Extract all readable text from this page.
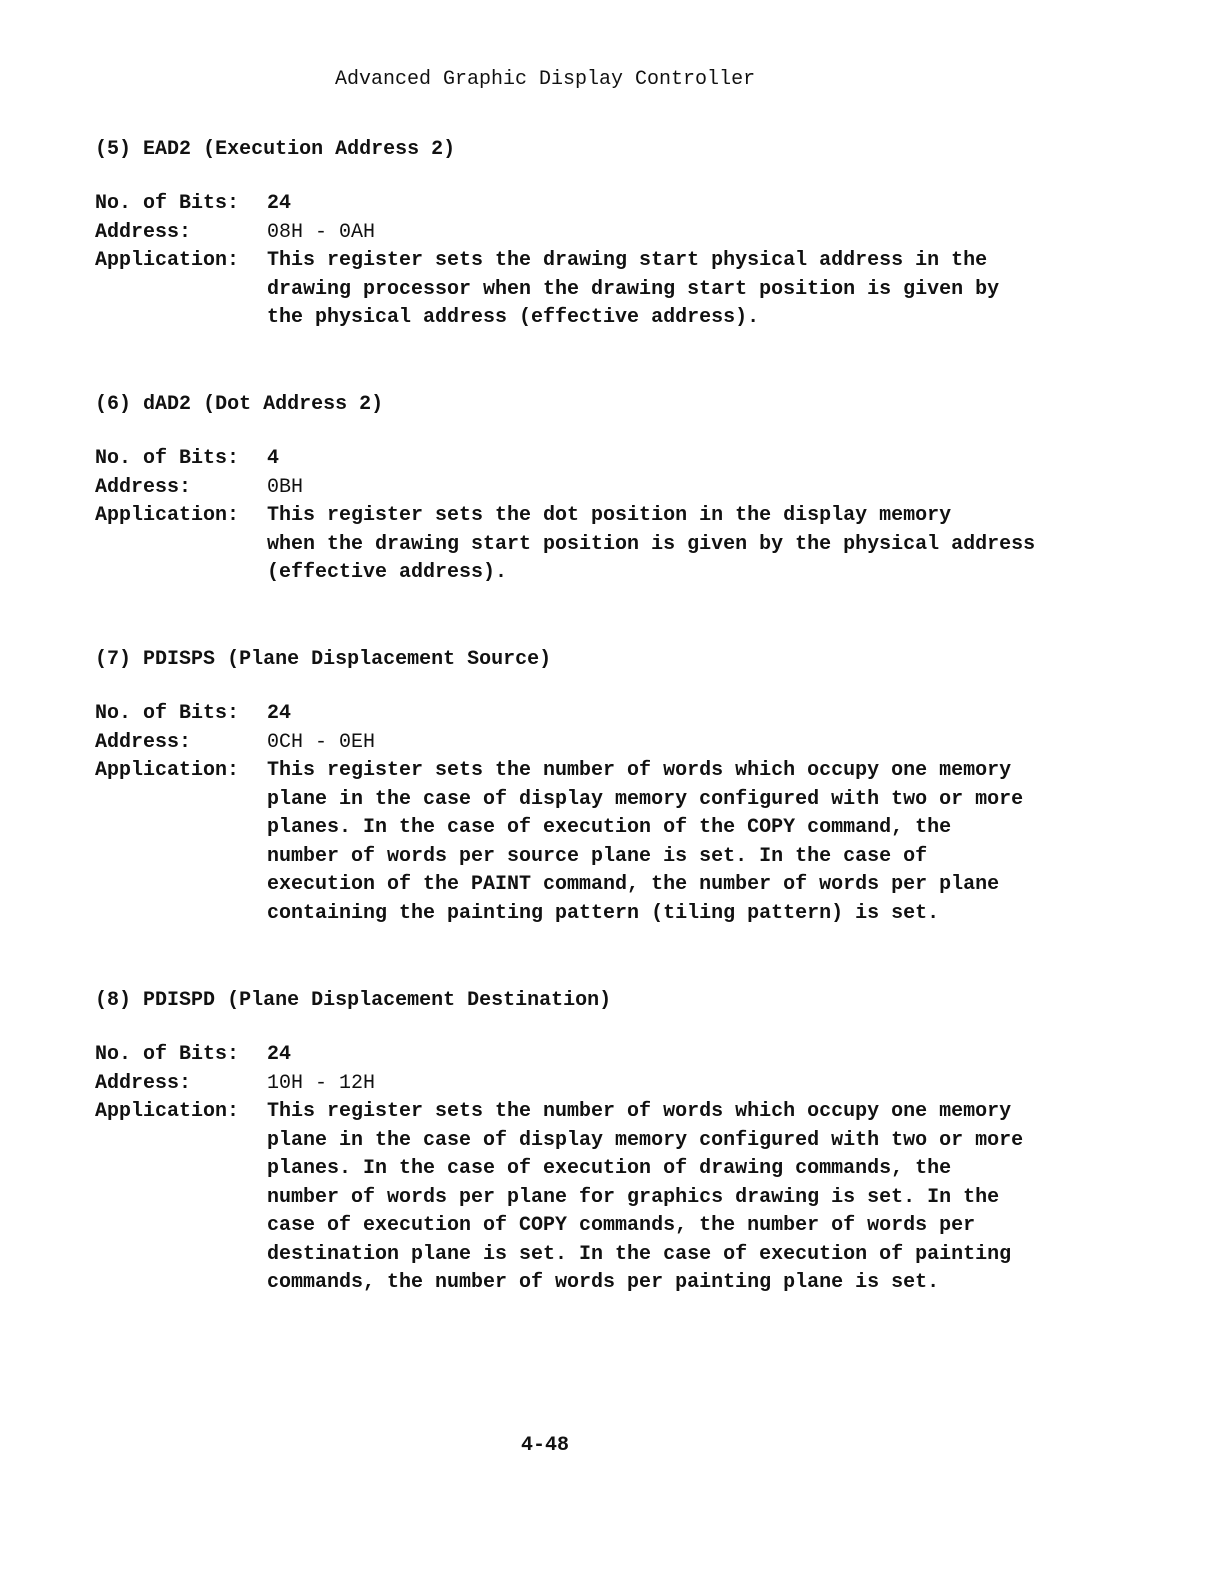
Advanced Graphic Display Controller
(5) EAD2 (Execution Address 2)
No. of Bits:	24
Address:	08H - 0AH
Application:	This register sets the drawing start physical address in the
drawing processor when the drawing start position is given by
the physical address (effective address).
(6) dAD2 (Dot Address 2)
No. of Bits:	4
Address:	0BH
Application:	This register sets the dot position in the display memory
when the drawing start position is given by the physical address
(effective address).
(7) PDISPS (Plane Displacement Source)
No. of Bits:	24
Address:	0CH - 0EH
Application:	This register sets the number of words which occupy one memory
plane in the case of display memory configured with two or more
planes. In the case of execution of the COPY command, the
number of words per source plane is set. In the case of
execution of the PAINT command, the number of words per plane
containing the painting pattern (tiling pattern) is set.
(8) PDISPD (Plane Displacement Destination)
No. of Bits:	24
Address:	10H - 12H
Application:	This register sets the number of words which occupy one memory
plane in the case of display memory configured with two or more
planes. In the case of execution of drawing commands, the
number of words per plane for graphics drawing is set. In the
case of execution of COPY commands, the number of words per
destination plane is set. In the case of execution of painting
commands, the number of words per painting plane is set.
4-48
